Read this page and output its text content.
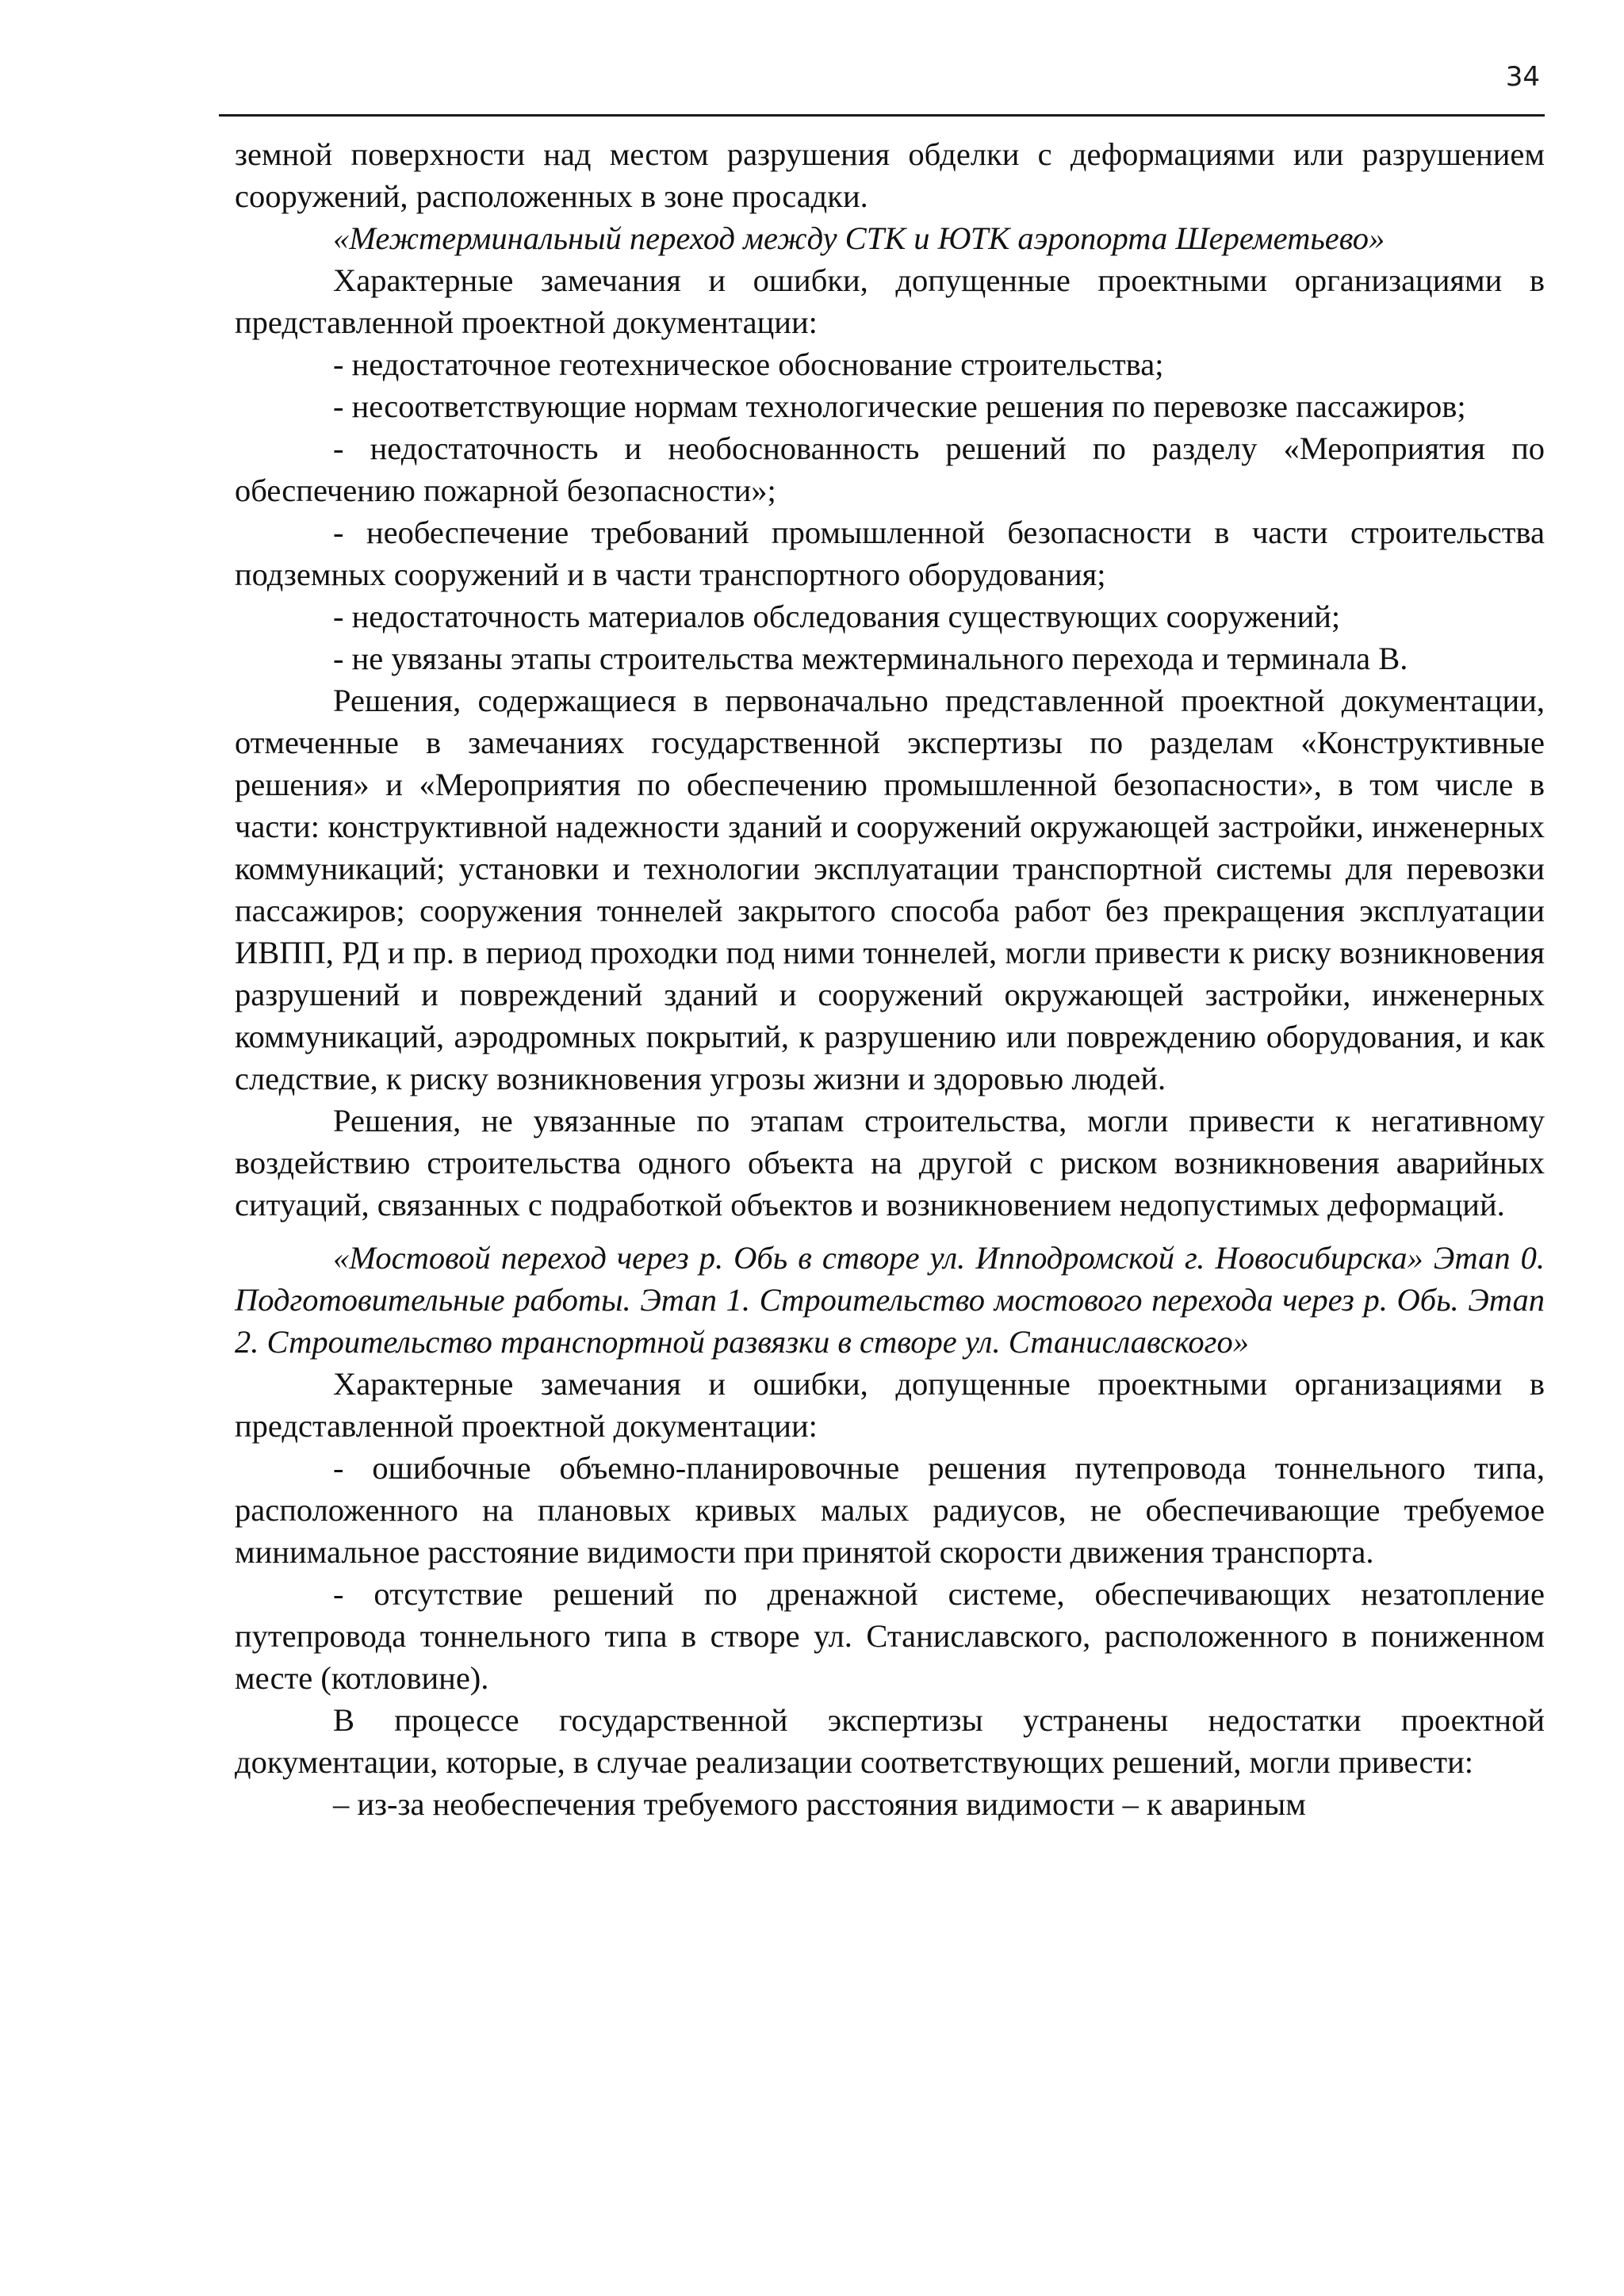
34

земной поверхности над местом разрушения обделки с деформациями или разрушением сооружений, расположенных в зоне просадки.

«Межтерминальный переход между СТК и ЮТК аэропорта Шереметьево»

Характерные замечания и ошибки, допущенные проектными организациями в представленной проектной документации:

- недостаточное геотехническое обоснование строительства;

- несоответствующие нормам технологические решения по перевозке пассажиров;

- недостаточность и необоснованность решений по разделу «Мероприятия по обеспечению пожарной безопасности»;

- необеспечение требований промышленной безопасности в части строительства подземных сооружений и в части транспортного оборудования;

- недостаточность материалов обследования существующих сооружений;

- не увязаны этапы строительства межтерминального перехода и терминала В.

Решения, содержащиеся в первоначально представленной проектной документации, отмеченные в замечаниях государственной экспертизы по разделам «Конструктивные решения» и «Мероприятия по обеспечению промышленной безопасности», в том числе в части: конструктивной надежности зданий и сооружений окружающей застройки, инженерных коммуникаций; установки и технологии эксплуатации транспортной системы для перевозки пассажиров; сооружения тоннелей закрытого способа работ без прекращения эксплуатации ИВПП, РД и пр. в период проходки под ними тоннелей, могли привести к риску возникновения разрушений и повреждений зданий и сооружений окружающей застройки, инженерных коммуникаций, аэродромных покрытий, к разрушению или повреждению оборудования, и как следствие, к риску возникновения угрозы жизни и здоровью людей.

Решения, не увязанные по этапам строительства, могли привести к негативному воздействию строительства одного объекта на другой с риском возникновения аварийных ситуаций, связанных с подработкой объектов и возникновением недопустимых деформаций.

«Мостовой переход через р. Обь в створе ул. Ипподромской г. Новосибирска» Этап 0. Подготовительные работы. Этап 1. Строительство мостового перехода через р. Обь. Этап 2. Строительство транспортной развязки в створе ул. Станиславского»

Характерные замечания и ошибки, допущенные проектными организациями в представленной проектной документации:

- ошибочные объемно-планировочные решения путепровода тоннельного типа, расположенного на плановых кривых малых радиусов, не обеспечивающие требуемое минимальное расстояние видимости при принятой скорости движения транспорта.

- отсутствие решений по дренажной системе, обеспечивающих незатопление путепровода тоннельного типа в створе ул. Станиславского, расположенного в пониженном месте (котловине).

В процессе государственной экспертизы устранены недостатки проектной документации, которые, в случае реализации соответствующих решений, могли привести:

– из-за необеспечения требуемого расстояния видимости – к авариным
